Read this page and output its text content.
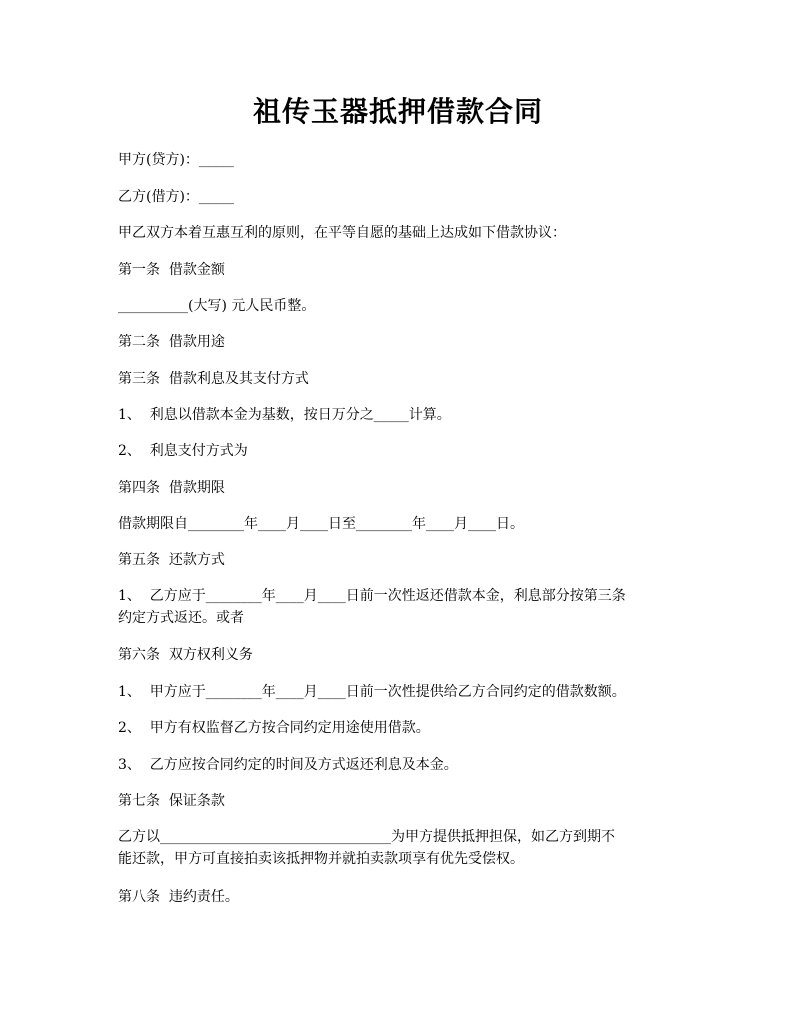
祖传玉器抵押借款合同
甲方(贷方)：_____
乙方(借方)：_____
甲乙双方本着互惠互利的原则，在平等自愿的基础上达成如下借款协议：
第一条  借款金额
__________(大写) 元人民币整。
第二条  借款用途
第三条  借款利息及其支付方式
1、  利息以借款本金为基数，按日万分之_____计算。
2、  利息支付方式为
第四条  借款期限
借款期限自________年____月____日至________年____月____日。
第五条  还款方式
1、  乙方应于________年____月____日前一次性返还借款本金，利息部分按第三条
约定方式返还。或者
第六条  双方权利义务
1、  甲方应于________年____月____日前一次性提供给乙方合同约定的借款数额。
2、  甲方有权监督乙方按合同约定用途使用借款。
3、  乙方应按合同约定的时间及方式返还利息及本金。
第七条  保证条款
乙方以_________________________________为甲方提供抵押担保，如乙方到期不
能还款，甲方可直接拍卖该抵押物并就拍卖款项享有优先受偿权。
第八条  违约责任。
